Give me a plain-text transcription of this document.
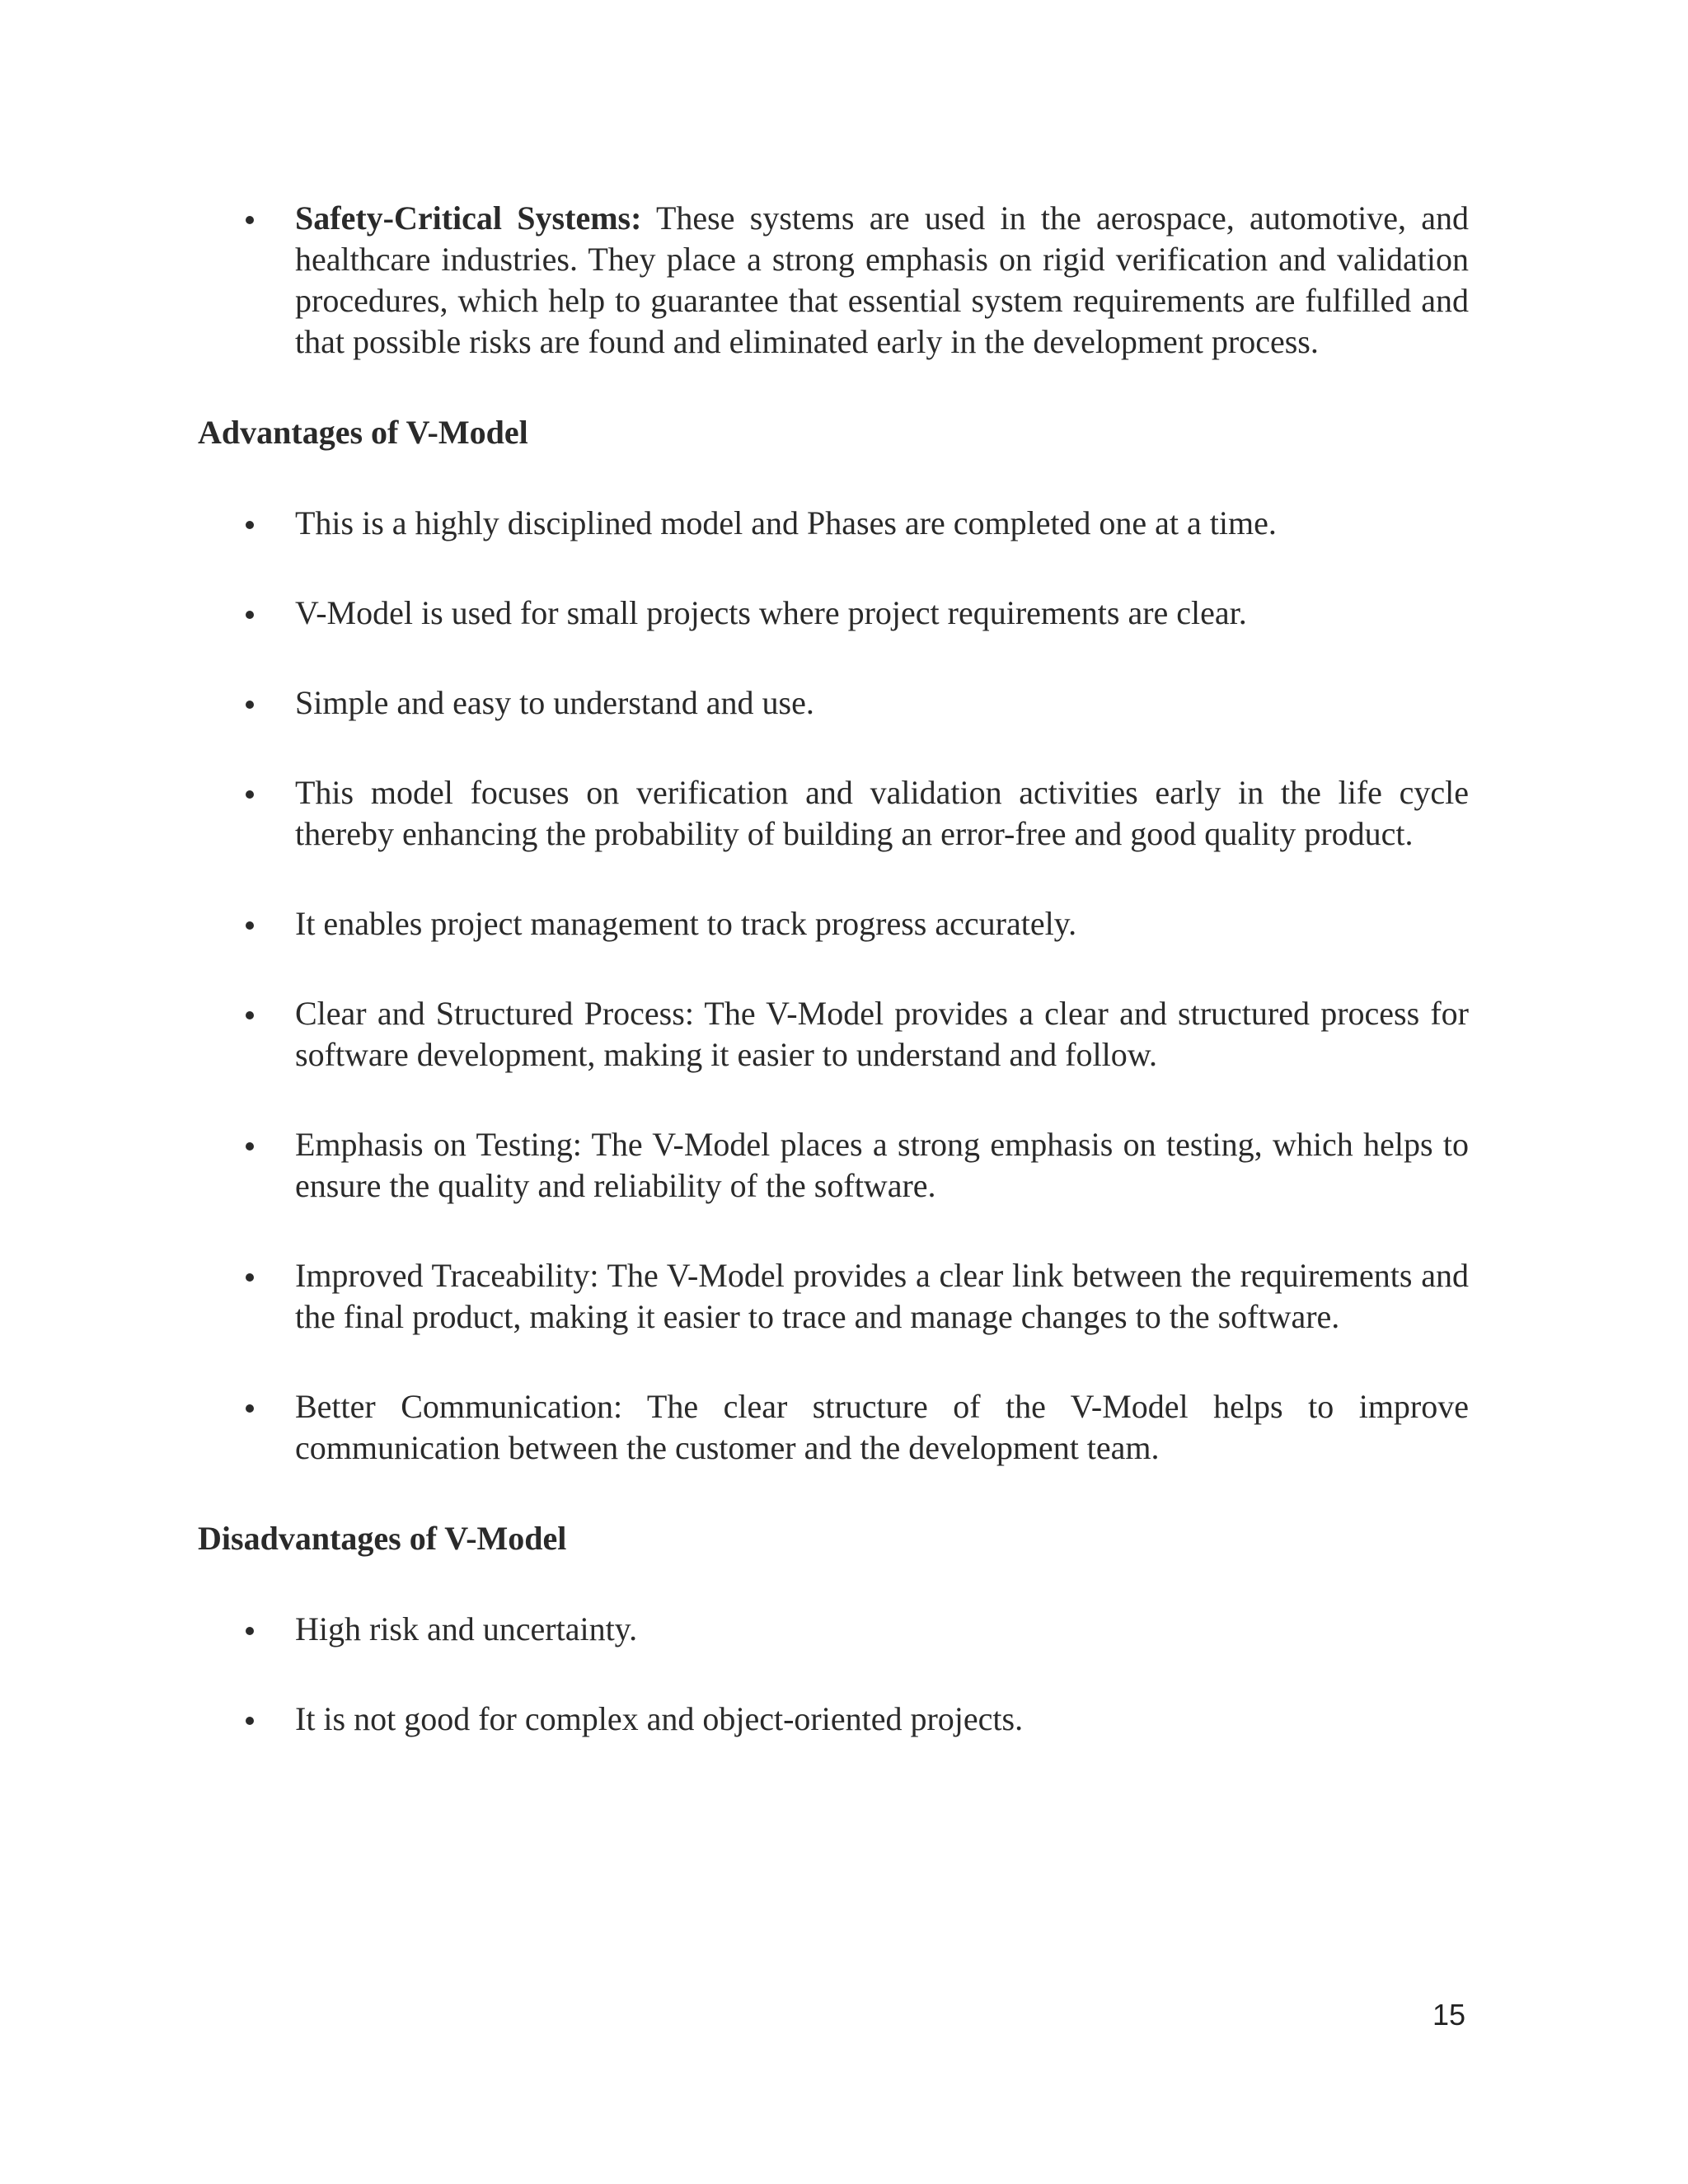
Safety-Critical Systems: These systems are used in the aerospace, automotive, and healthcare industries. They place a strong emphasis on rigid verification and validation procedures, which help to guarantee that essential system requirements are fulfilled and that possible risks are found and eliminated early in the development process.
Advantages of V-Model
This is a highly disciplined model and Phases are completed one at a time.
V-Model is used for small projects where project requirements are clear.
Simple and easy to understand and use.
This model focuses on verification and validation activities early in the life cycle thereby enhancing the probability of building an error-free and good quality product.
It enables project management to track progress accurately.
Clear and Structured Process: The V-Model provides a clear and structured process for software development, making it easier to understand and follow.
Emphasis on Testing: The V-Model places a strong emphasis on testing, which helps to ensure the quality and reliability of the software.
Improved Traceability: The V-Model provides a clear link between the requirements and the final product, making it easier to trace and manage changes to the software.
Better Communication: The clear structure of the V-Model helps to improve communication between the customer and the development team.
Disadvantages of V-Model
High risk and uncertainty.
It is not good for complex and object-oriented projects.
15
